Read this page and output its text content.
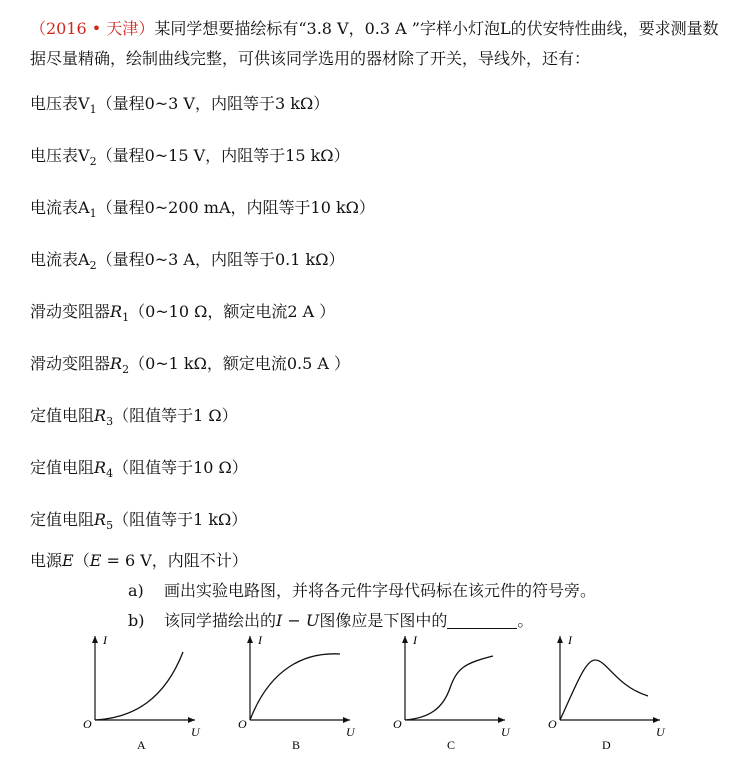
（2016 • 天津）某同学想要描绘标有“3.8 V，0.3 A ”字样小灯泡L的伏安特性曲线，要求测量数据尽量精确，绘制曲线完整，可供该同学选用的器材除了开关，导线外，还有：
电压表$V_1$（量程0~3 V，内阻等于3 kΩ）
电压表$V_2$（量程0~15 V，内阻等于15 kΩ）
电流表$A_1$（量程0~200 mA，内阻等于10 kΩ）
电流表$A_2$（量程0~3 A，内阻等于0.1 kΩ）
滑动变阻器$R_1(0\sim 10$ Ω，额定电流2 A ）
滑动变阻器$R_2(0\sim 1$ kΩ，额定电流0.5 A ）
定值电阻$R_3$（阻值等于1 Ω）
定值电阻$R_4$（阻值等于10 Ω）
定值电阻$R_5$（阻值等于1 kΩ）
电源E（E = 6 V，内阻不计）
a) 画出实验电路图，并将各元件字母代码标在该元件的符号旁。
b) 该同学描绘出的I − U图像应是下图中的	。
I
U
O
A
I
U
O
B
I
U
O
C
I
U
O
D
